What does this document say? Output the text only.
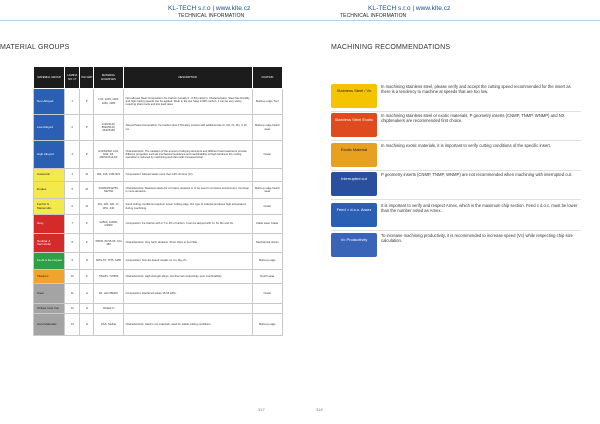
KL-TECH s.r.o | www.klte.cz
TECHNICAL INFORMATION
MATERIAL GROUPS
MATERIAL GROUP	LAMINA NO. N°	ISO GRP	MATERIAL EXAMPLES	DESCRIPTION	COATION
Non-Alloyed	1	P	1.00, 1045, 1020, 1060, 1080	Non-alloyed Steel Composition: Fe-Carbon (usually 0 - 0.8% carbon). Characteristics: Steel has Ductility and high cutting speeds can be applied. Wear in the low Steel 0.05% carbon, it can be very sticky, requiring sharp tools and low feed rates.	Built-up edge Tool
Low Alloyed	2	P	4130/4140, 8620/5140, 4340/5160	Alloyed Steel Composition: Fe-Carbon plus 0.5% alloy content with additions like Cr, Mo, Ni, Mn, V, W, Co.	Built-up edge Notch wear
High Alloyed	3	P	H13/D2/M2, H11, M42, D3, M2/S1/O1/H13	Characteristics: The variation of the amount of alloying elements and different heat treatments provide different properties such as mechanical resistance and machinability. At high hardness the cutting operation is reduced by machining and often with increased wear.	Crater
Austenitic	4	M	304, 316, 316L/321	Composition: Alloyed steels more than 12% chrome (Cr).	
Duplex	5	M	S31803/S32750, S32760	Characteristics: Stainless steels for corrosion resistant or to be used in corrosive environment, tool wear is more abrasive.	Built-up edge Notch wear
Ferritic & Martensitic	6	M	410, 420, 430, 17-4PH, 440	Good cutting conditions required. Lower cutting edge, this type of material produces high temperature during machining.	Crater
Grey	7	K	G2500, G3000, G3500	Composition: Fe-Carbon with 2.7 to 4% of carbon. It can be alloyed with Cr, Ni, Mo and Cu.	Flank wear Crater
Nodular & Vermicular	8	K	65045, 80-55-06, CGI 450	Characteristics: Very hard, abrasive. Short chips to be brittle.	Mechanical stress
Fe-Al & Fe-Copper	9	N	6061-T6, 7075, A380	Composition: Non-Fe-based metals: Al, Cu, Mg, Zn.	Built-up edge
Titanium	10	S	Ti6Al4V, Ti-5553	Characteristics: High strength alloys, low thermal conductivity, poor machinability.	Notch wear
Steel	11	H	D2, H13 58HRC	Composition: Hardened steels 45-65 HRC.	Crater
Chilled Cast Iron	12	H	Chilled CI		
Hard Materials	13	H	HSS, Stellite	Characteristics: Hard to cut materials, need for stable cutting conditions.	Built-up edge
317
KL-TECH s.r.o | www.klte.cz
TECHNICAL INFORMATION
MACHINING RECOMMENDATIONS
318
Stainless Steel / Vc
In machining stainless steel, please verify and accept the cutting speed recommended for the insert as there is a tendency to machine at speeds that are too low.
Stainless Steel Exotic
In machining stainless steel or exotic materials, P geometry inserts (CNMP, TNMP, WNMP) and NX chipbreakers are recommended first choice.
Exotic Material
In machining exotic materials, it is important to verify cutting conditions of the specific insert.
Interrupted cut
P geometry inserts (CNMP, TNMP, WNMP) are not recommended when machining with interrupted cut.
Feed > d.o.c. Aruez
It is important to verify and respect Arnex, which is the maximum chip section. Feed x d.o.c. must be lower than the number noted as Arnex.
Vc Productivity
To increase machining productivity, it is recommended to increase speed (Vc) while respecting chip size calculation.
